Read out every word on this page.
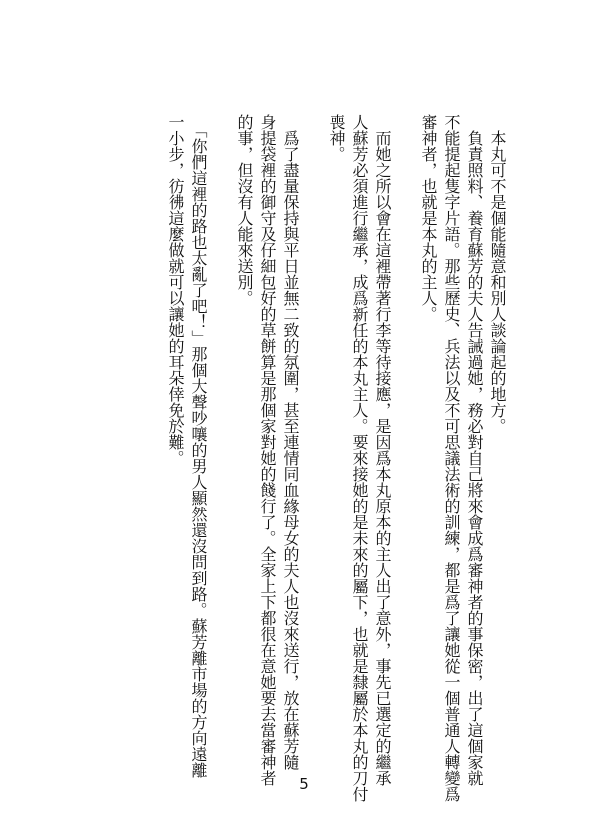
　本丸可不是個能隨意和別人談論起的地方。
　負責照料、養育蘇芳的夫人告誡過她，務必對自己將來會成爲審神者的事保密，出了這個家就
不能提起隻字片語。那些歷史、兵法以及不可思議法術的訓練，都是爲了讓她從一個普通人轉變爲
審神者，也就是本丸的主人。
　而她之所以會在這裡帶著行李等待接應，是因爲本丸原本的主人出了意外，事先已選定的繼承
人蘇芳必須進行繼承，成爲新任的本丸主人。要來接她的是未來的屬下，也就是隸屬於本丸的刀付
喪神。
　爲了盡量保持與平日並無二致的氛圍，甚至連情同血緣母女的夫人也沒來送行，放在蘇芳隨
身提袋裡的御守及仔細包好的草餅算是那個家對她的餞行了。全家上下都很在意她要去當審神者
的事，但沒有人能來送別。
　「你們這裡的路也太亂了吧！」那個大聲吵嚷的男人顯然還沒問到路。蘇芳離市場的方向遠離
一小步，彷彿這麼做就可以讓她的耳朵倖免於難。
5
